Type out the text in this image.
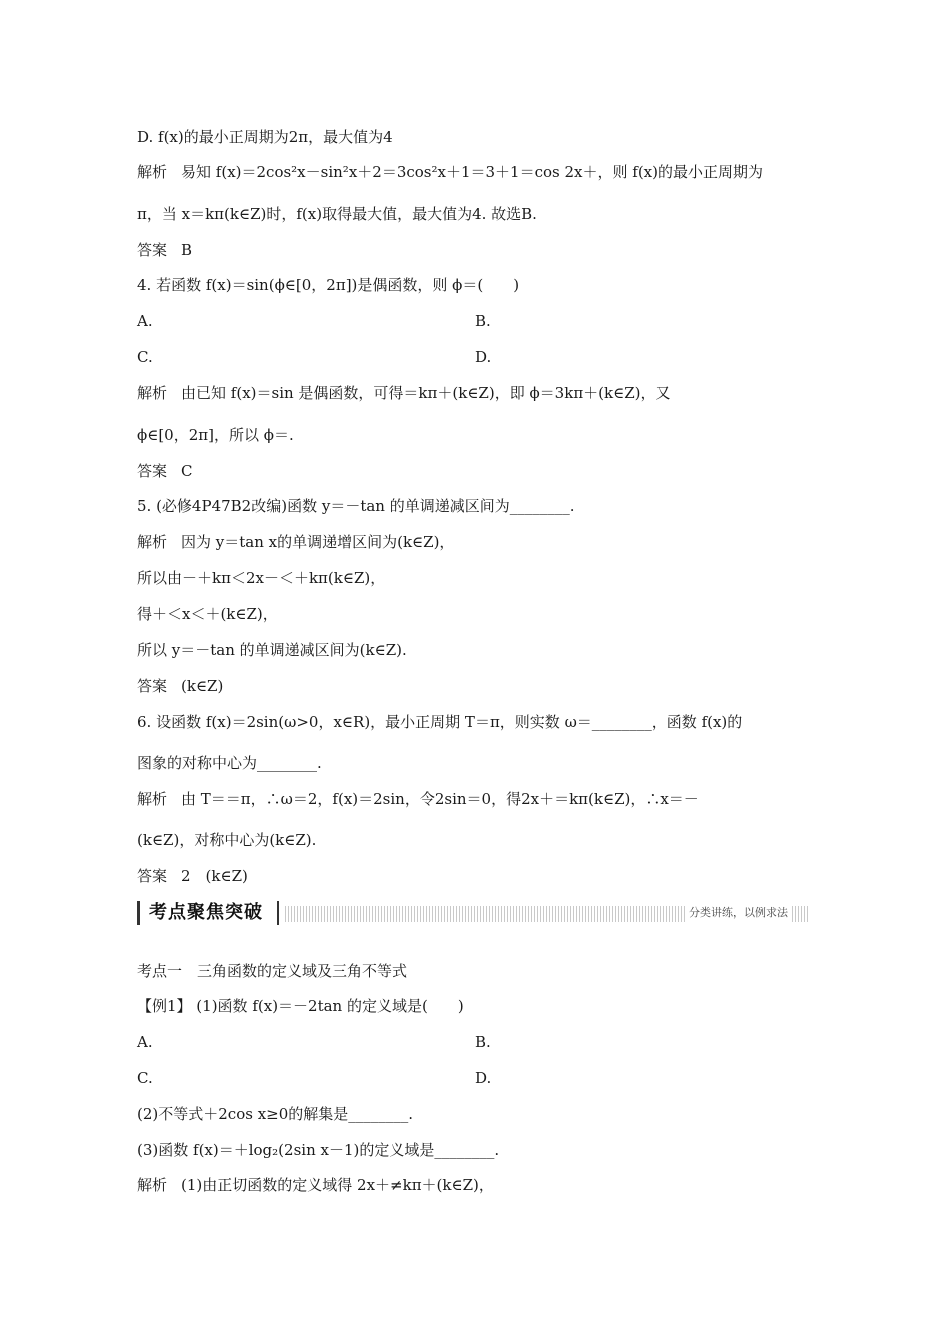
D. f(x)的最小正周期为2π，最大值为4
解析 易知 f(x)＝2cos²x－sin²x＋2＝3cos²x＋1＝3＋1＝cos 2x＋，则 f(x)的最小正周期为
π，当 x＝kπ(k∈Z)时，f(x)取得最大值，最大值为4. 故选B.
答案 B
4. 若函数 f(x)＝sin(ϕ∈[0，2π])是偶函数，则 ϕ＝(　　)
A.	B.
C.	D.
解析 由已知 f(x)＝sin 是偶函数，可得＝kπ＋(k∈Z)，即 ϕ＝3kπ＋(k∈Z)，又
ϕ∈[0，2π]，所以 ϕ＝.
答案 C
5. (必修4P47B2改编)函数 y＝－tan 的单调递减区间为________.
解析 因为 y＝tan x的单调递增区间为(k∈Z)，
所以由－＋kπ＜2x－＜＋kπ(k∈Z)，
得＋＜x＜＋(k∈Z)，
所以 y＝－tan 的单调递减区间为(k∈Z).
答案 (k∈Z)
6. 设函数 f(x)＝2sin(ω>0，x∈R)，最小正周期 T＝π，则实数 ω＝________，函数 f(x)的
图象的对称中心为________.
解析 由 T＝＝π，∴ω＝2，f(x)＝2sin，令2sin＝0，得2x＋＝kπ(k∈Z)，∴x＝－
(k∈Z)，对称中心为(k∈Z).
答案 2　(k∈Z)
考点聚焦突破	分类讲练，以例求法
考点一　三角函数的定义域及三角不等式
【例1】 (1)函数 f(x)＝－2tan 的定义域是(　　)
A.	B.
C.	D.
(2)不等式＋2cos x≥0的解集是________.
(3)函数 f(x)＝＋log₂(2sin x－1)的定义域是________.
解析 (1)由正切函数的定义域得 2x＋≠kπ＋(k∈Z)，
